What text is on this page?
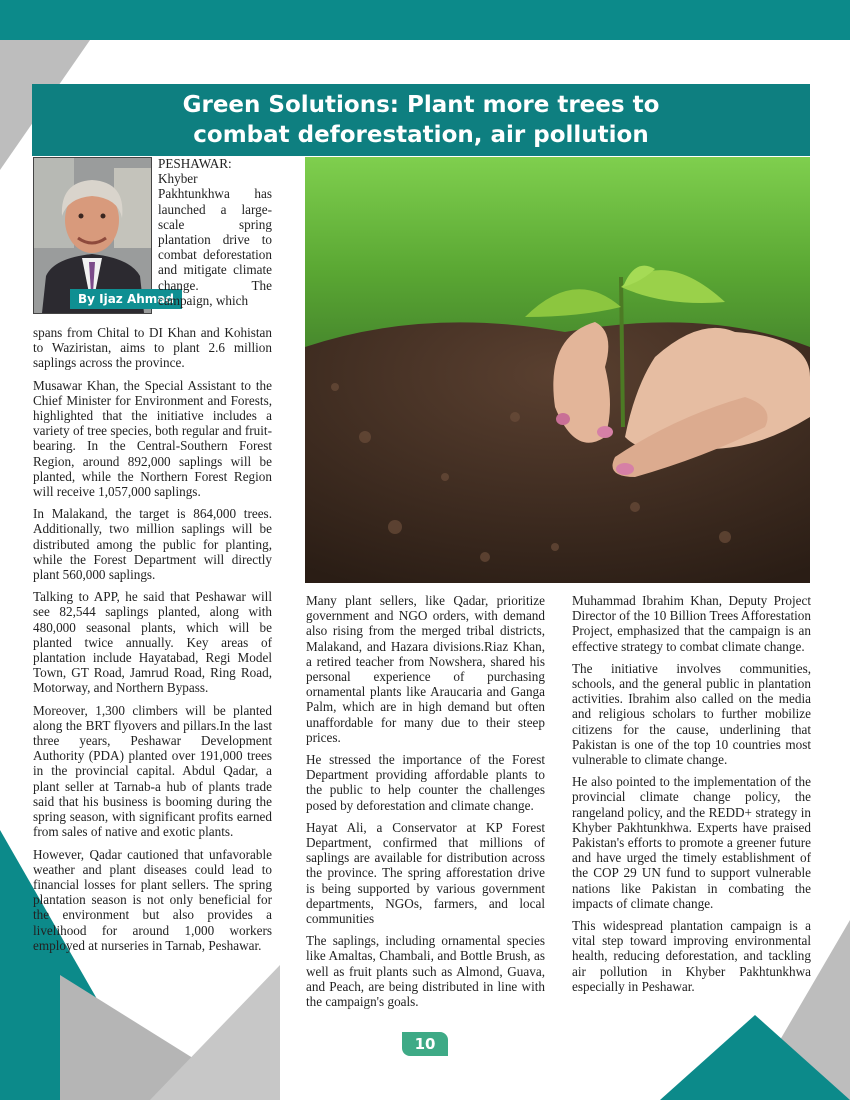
Green Solutions: Plant more trees to
combat deforestation, air pollution
By Ijaz Ahmad

PESHAWAR: Khyber Pakhtunkhwa has launched a large-scale spring plantation drive to combat deforestation and mitigate climate change. The campaign, which

spans from Chital to DI Khan and Kohistan to Waziristan, aims to plant 2.6 million saplings across the province.

Musawar Khan, the Special Assistant to the Chief Minister for Environment and Forests, highlighted that the initiative includes a variety of tree species, both regular and fruit-bearing. In the Central-Southern Forest Region, around 892,000 saplings will be planted, while the Northern Forest Region will receive 1,057,000 saplings.

In Malakand, the target is 864,000 trees. Additionally, two million saplings will be distributed among the public for planting, while the Forest Department will directly plant 560,000 saplings.

Talking to APP, he said that Peshawar will see 82,544 saplings planted, along with 480,000 seasonal plants, which will be planted twice annually. Key areas of plantation include Hayatabad, Regi Model Town, GT Road, Jamrud Road, Ring Road, Motorway, and Northern Bypass.

Moreover, 1,300 climbers will be planted along the BRT flyovers and pillars.In the last three years, Peshawar Development Authority (PDA) planted over 191,000 trees in the provincial capital. Abdul Qadar, a plant seller at Tarnab-a hub of plants trade said that his business is booming during the spring season, with significant profits earned from sales of native and exotic plants.

However, Qadar cautioned that unfavorable weather and plant diseases could lead to financial losses for plant sellers. The spring plantation season is not only beneficial for the environment but also provides a livelihood for around 1,000 workers employed at nurseries in Tarnab, Peshawar.

Many plant sellers, like Qadar, prioritize government and NGO orders, with demand also rising from the merged tribal districts, Malakand, and Hazara divisions.Riaz Khan, a retired teacher from Nowshera, shared his personal experience of purchasing ornamental plants like Araucaria and Ganga Palm, which are in high demand but often unaffordable for many due to their steep prices.

He stressed the importance of the Forest Department providing affordable plants to the public to help counter the challenges posed by deforestation and climate change.

Hayat Ali, a Conservator at KP Forest Department, confirmed that millions of saplings are available for distribution across the province. The spring afforestation drive is being supported by various government departments, NGOs, farmers, and local communities

The saplings, including ornamental species like Amaltas, Chambali, and Bottle Brush, as well as fruit plants such as Almond, Guava, and Peach, are being distributed in line with the campaign's goals.

Muhammad Ibrahim Khan, Deputy Project Director of the 10 Billion Trees Afforestation Project, emphasized that the campaign is an effective strategy to combat climate change.

The initiative involves communities, schools, and the general public in plantation activities. Ibrahim also called on the media and religious scholars to further mobilize citizens for the cause, underlining that Pakistan is one of the top 10 countries most vulnerable to climate change.

He also pointed to the implementation of the provincial climate change policy, the rangeland policy, and the REDD+ strategy in Khyber Pakhtunkhwa. Experts have praised Pakistan's efforts to promote a greener future and have urged the timely establishment of the COP 29 UN fund to support vulnerable nations like Pakistan in combating the impacts of climate change.

This widespread plantation campaign is a vital step toward improving environmental health, reducing deforestation, and tackling air pollution in Khyber Pakhtunkhwa especially in Peshawar.

10
